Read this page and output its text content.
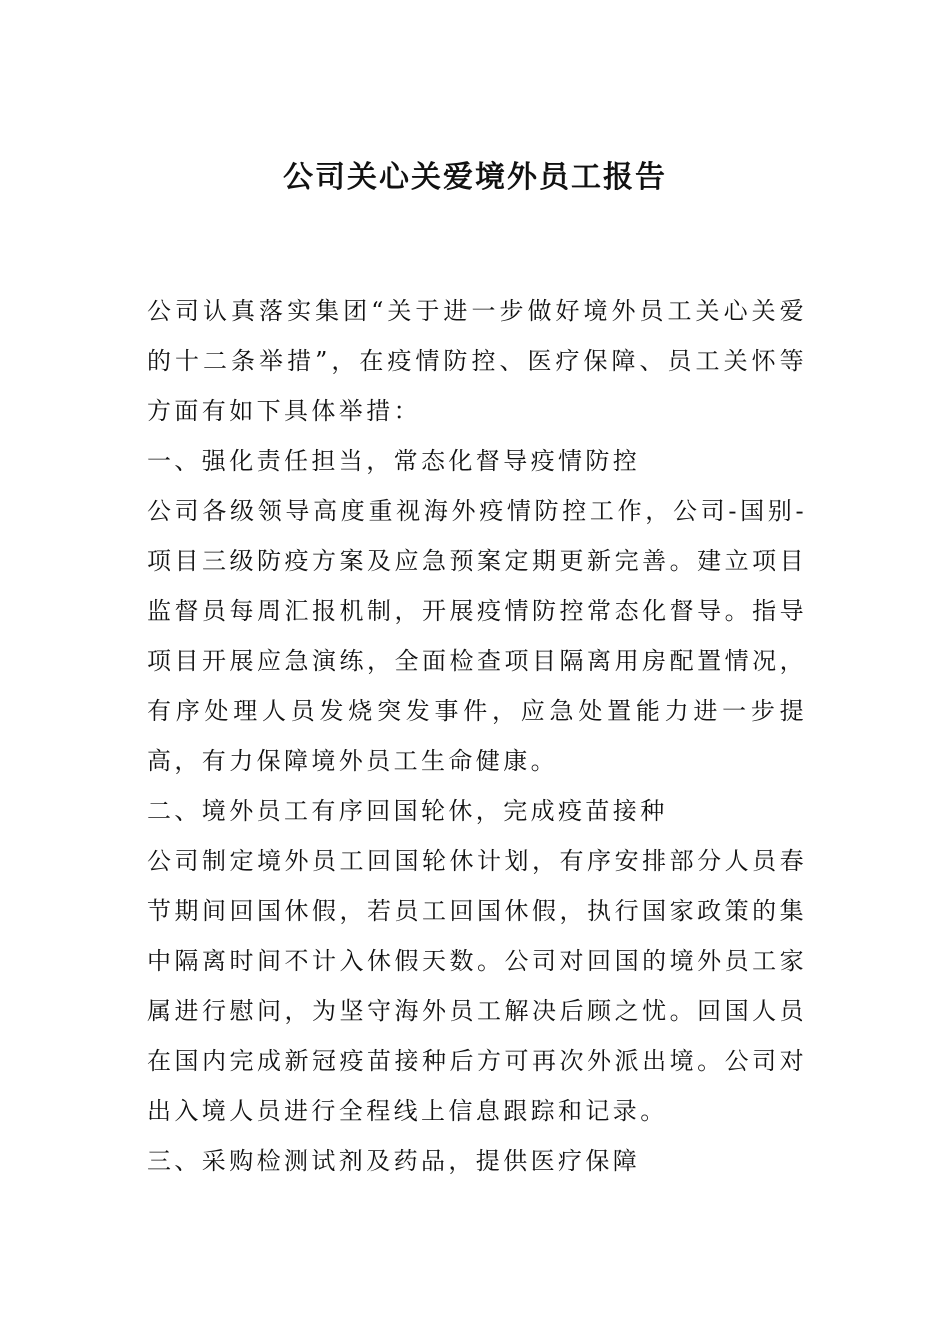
公司关心关爱境外员工报告

公司认真落实集团“关于进一步做好境外员工关心关爱的十二条举措”，在疫情防控、医疗保障、员工关怀等方面有如下具体举措：

一、强化责任担当，常态化督导疫情防控

公司各级领导高度重视海外疫情防控工作，公司-国别-项目三级防疫方案及应急预案定期更新完善。建立项目监督员每周汇报机制，开展疫情防控常态化督导。指导项目开展应急演练，全面检查项目隔离用房配置情况，有序处理人员发烧突发事件，应急处置能力进一步提高，有力保障境外员工生命健康。

二、境外员工有序回国轮休，完成疫苗接种

公司制定境外员工回国轮休计划，有序安排部分人员春节期间回国休假，若员工回国休假，执行国家政策的集中隔离时间不计入休假天数。公司对回国的境外员工家属进行慰问，为坚守海外员工解决后顾之忧。回国人员在国内完成新冠疫苗接种后方可再次外派出境。公司对出入境人员进行全程线上信息跟踪和记录。

三、采购检测试剂及药品，提供医疗保障
